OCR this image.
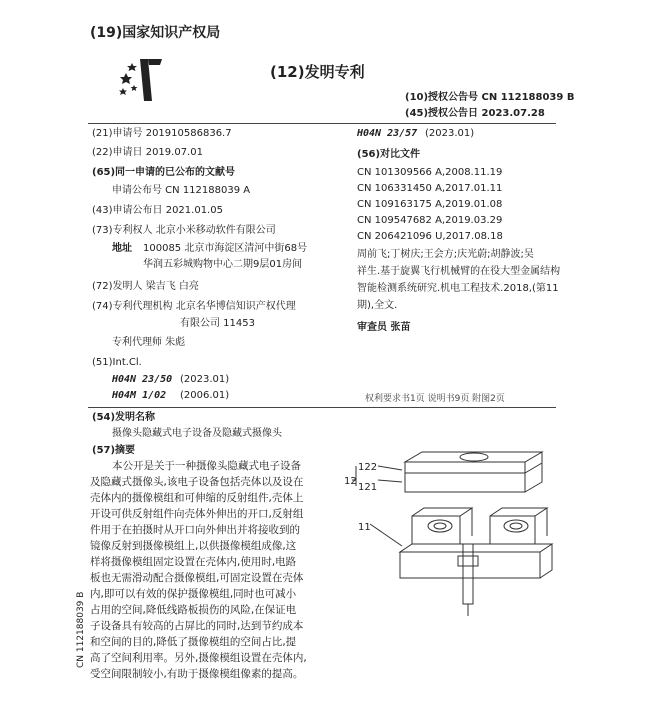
(19)国家知识产权局
(12)发明专利
(10)授权公告号 CN 112188039 B
(45)授权公告日 2023.07.28
(21)申请号 201910586836.7
(22)申请日 2019.07.01
(65)同一申请的已公布的文献号
申请公布号 CN 112188039 A
(43)申请公布日 2021.01.05
(73)专利权人 北京小米移动软件有限公司
地址 100085 北京市海淀区清河中街68号
华润五彩城购物中心二期9层01房间
(72)发明人 梁吉飞 白亮
(74)专利代理机构 北京名华博信知识产权代理
有限公司 11453
专利代理师 朱彪
(51)Int.Cl.
H04N 23/50 (2023.01)
H04M 1/02 (2006.01)
H04N 23/57 (2023.01)
(56)对比文件
CN 101309566 A,2008.11.19
CN 106331450 A,2017.01.11
CN 109163175 A,2019.01.08
CN 109547682 A,2019.03.29
CN 206421096 U,2017.08.18
周前飞;丁树庆;王会方;庆光蔚;胡静波;吴
祥生.基于旋翼飞行机械臂的在役大型金属结构
智能检测系统研究.机电工程技术.2018,(第11
期),全文.
审查员 张苗
权利要求书1页 说明书9页 附图2页
(54)发明名称
摄像头隐藏式电子设备及隐藏式摄像头
(57)摘要
本公开是关于一种摄像头隐藏式电子设备
及隐藏式摄像头,该电子设备包括壳体以及设在
壳体内的摄像模组和可伸缩的反射组件,壳体上
开设可供反射组件向壳体外伸出的开口,反射组
件用于在拍摄时从开口向外伸出并将接收到的
镜像反射到摄像模组上,以供摄像模组成像,这
样将摄像模组固定设置在壳体内,使用时,电路
板也无需滑动配合摄像模组,可固定设置在壳体
内,即可以有效的保护摄像模组,同时也可减小
占用的空间,降低线路板损伤的风险,在保证电
子设备具有较高的占屏比的同时,达到节约成本
和空间的目的,降低了摄像模组的空间占比,提
高了空间利用率。另外,摄像模组设置在壳体内,
受空间限制较小,有助于摄像模组像素的提高。
12
122
121
11
CN 112188039 B
